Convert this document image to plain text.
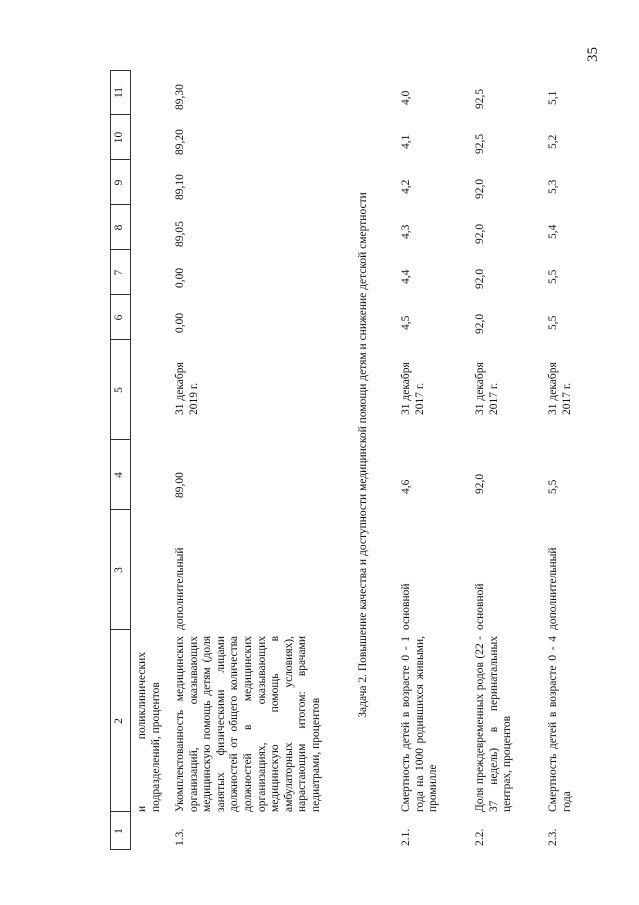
35
1
2
3
4
5
6
7
8
9
10
11
и поликлинических подразделений, процентов
1.3.
Укомплектованность медицинских организаций, оказывающих медицинскую помощь детям (доля занятых физическими лицами должностей от общего количества должностей в медицинских организациях, оказывающих медицинскую помощь в амбулаторных условиях), нарастающим итогом: врачами педиатрами, процентов
дополнительный
89,00
31 декабря 2019 г.
0,00
0,00
89,05
89,10
89,20
89,30
Задача 2. Повышение качества и доступности медицинской помощи детям и снижение детской смертности
2.1.
Смертность детей в возрасте 0 - 1 года на 1000 родившихся живыми, промилле
основной
4,6
31 декабря 2017 г.
4,5
4,4
4,3
4,2
4,1
4,0
2.2.
Доля преждевременных родов (22 - 37 недель) в перинатальных центрах, процентов
основной
92,0
31 декабря 2017 г.
92,0
92,0
92,0
92,0
92,5
92,5
2.3.
Смертность детей в возрасте 0 - 4 года
дополнительный
5,5
31 декабря 2017 г.
5,5
5,5
5,4
5,3
5,2
5,1
